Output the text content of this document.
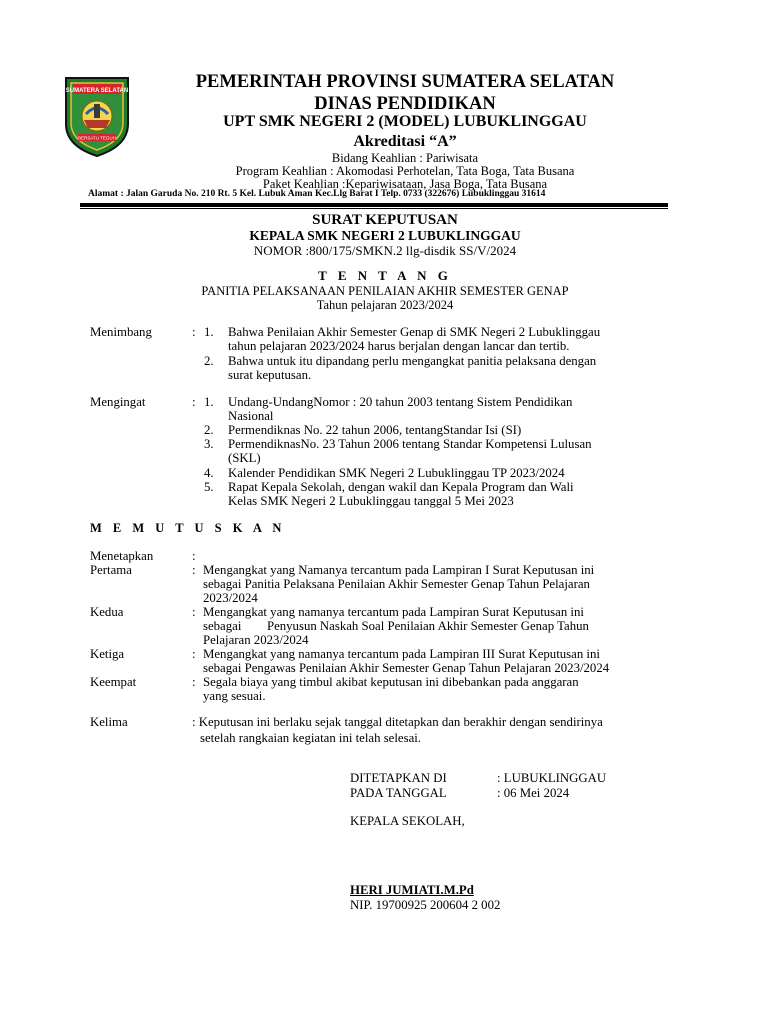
SUMATERA SELATAN
BERSATU TEGUH
PEMERINTAH PROVINSI SUMATERA SELATAN
DINAS PENDIDIKAN
UPT SMK NEGERI 2 (MODEL) LUBUKLINGGAU
Akreditasi “A”
Bidang Keahlian : Pariwisata
Program Keahlian : Akomodasi Perhotelan, Tata Boga, Tata Busana
Paket Keahlian :Kepariwisataan, Jasa Boga, Tata Busana
Alamat : Jalan Garuda No. 210 Rt. 5 Kel. Lubuk Aman Kec.Llg Barat I Telp. 0733 (322676) Lubuklinggau 31614
SURAT KEPUTUSAN
KEPALA SMK NEGERI 2 LUBUKLINGGAU
NOMOR :800/175/SMKN.2 llg-disdik SS/V/2024
T E N T A N G
PANITIA PELAKSANAAN PENILAIAN AKHIR SEMESTER GENAP
Tahun pelajaran 2023/2024
Menimbang	: 1. Bahwa Penilaian Akhir Semester Genap di SMK Negeri 2 Lubuklinggau
tahun pelajaran 2023/2024 harus berjalan dengan lancar dan tertib.
2. Bahwa untuk itu dipandang perlu mengangkat panitia pelaksana dengan
surat keputusan.
Mengingat	: 1. Undang-UndangNomor : 20 tahun 2003 tentang Sistem Pendidikan
Nasional
2. Permendiknas No. 22 tahun 2006, tentangStandar Isi (SI)
3. PermendiknasNo. 23 Tahun 2006 tentang Standar Kompetensi Lulusan
(SKL)
4. Kalender Pendidikan SMK Negeri 2 Lubuklinggau TP 2023/2024
5. Rapat Kepala Sekolah, dengan wakil dan Kepala Program dan Wali
Kelas SMK Negeri 2 Lubuklinggau tanggal 5 Mei 2023
M E M U T U S K A N
Menetapkan	:
Pertama	: Mengangkat yang Namanya tercantum pada Lampiran I Surat Keputusan ini
sebagai Panitia Pelaksana Penilaian Akhir Semester Genap Tahun Pelajaran
2023/2024
Kedua	: Mengangkat yang namanya tercantum pada Lampiran Surat Keputusan ini
sebagai        Penyusun Naskah Soal Penilaian Akhir Semester Genap Tahun
Pelajaran 2023/2024
Ketiga	: Mengangkat yang namanya tercantum pada Lampiran III Surat Keputusan ini
sebagai Pengawas Penilaian Akhir Semester Genap Tahun Pelajaran 2023/2024
Keempat	: Segala biaya yang timbul akibat keputusan ini dibebankan pada anggaran
yang sesuai.
Kelima	: Keputusan ini berlaku sejak tanggal ditetapkan dan berakhir dengan sendirinya
setelah rangkaian kegiatan ini telah selesai.
DITETAPKAN DI	: LUBUKLINGGAU
PADA TANGGAL	: 06 Mei 2024
KEPALA SEKOLAH,
HERI JUMIATI.M.Pd
NIP. 19700925 200604 2 002
